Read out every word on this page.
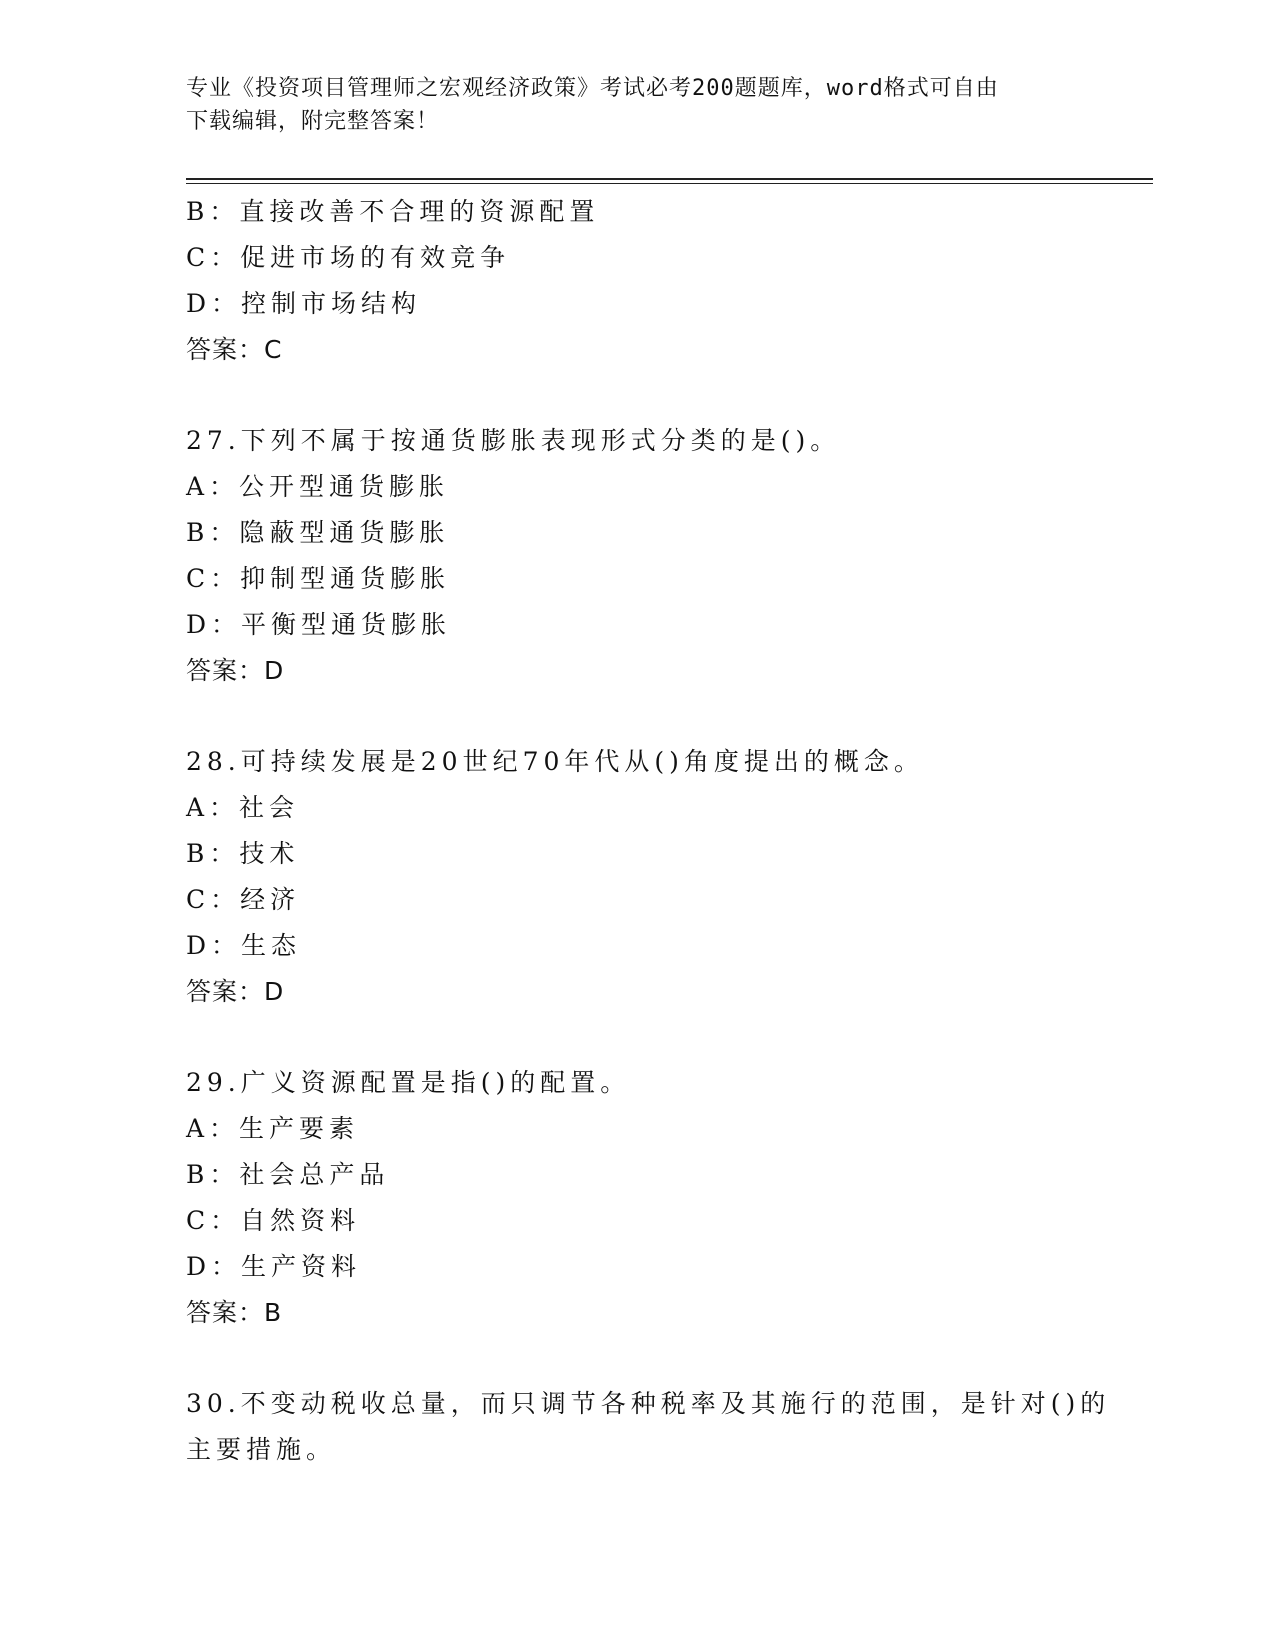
专业《投资项目管理师之宏观经济政策》考试必考200题题库，word格式可自由
下载编辑，附完整答案！
B：直接改善不合理的资源配置
C：促进市场的有效竞争
D：控制市场结构
答案：C
27.下列不属于按通货膨胀表现形式分类的是()。
A：公开型通货膨胀
B：隐蔽型通货膨胀
C：抑制型通货膨胀
D：平衡型通货膨胀
答案：D
28.可持续发展是20世纪70年代从()角度提出的概念。
A：社会
B：技术
C：经济
D：生态
答案：D
29.广义资源配置是指()的配置。
A：生产要素
B：社会总产品
C：自然资料
D：生产资料
答案：B
30.不变动税收总量，而只调节各种税率及其施行的范围，是针对()的
主要措施。
